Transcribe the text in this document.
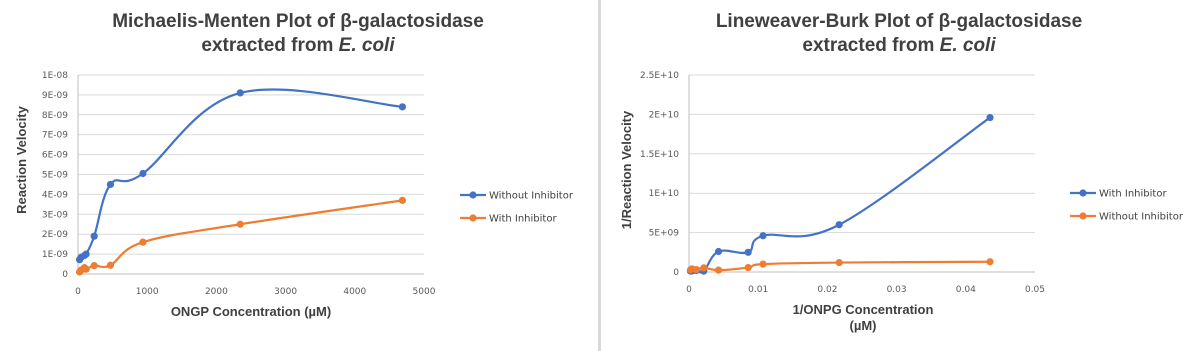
Michaelis-Menten Plot of β-galactosidase
extracted from E. coli
0
1E-09
2E-09
3E-09
4E-09
5E-09
6E-09
7E-09
8E-09
9E-09
1E-08
0	1000	2000	3000	4000	5000
Reaction Velocity
ONGP Concentration (µM)
Without Inhibitor
With Inhibitor
Lineweaver-Burk Plot of β-galactosidase
extracted from E. coli
0
5E+09
1E+10
1.5E+10
2E+10
2.5E+10
0	0.01	0.02	0.03	0.04	0.05
1/Reaction Velocity
1/ONPG Concentration
(µM)
With Inhibitor
Without Inhibitor
